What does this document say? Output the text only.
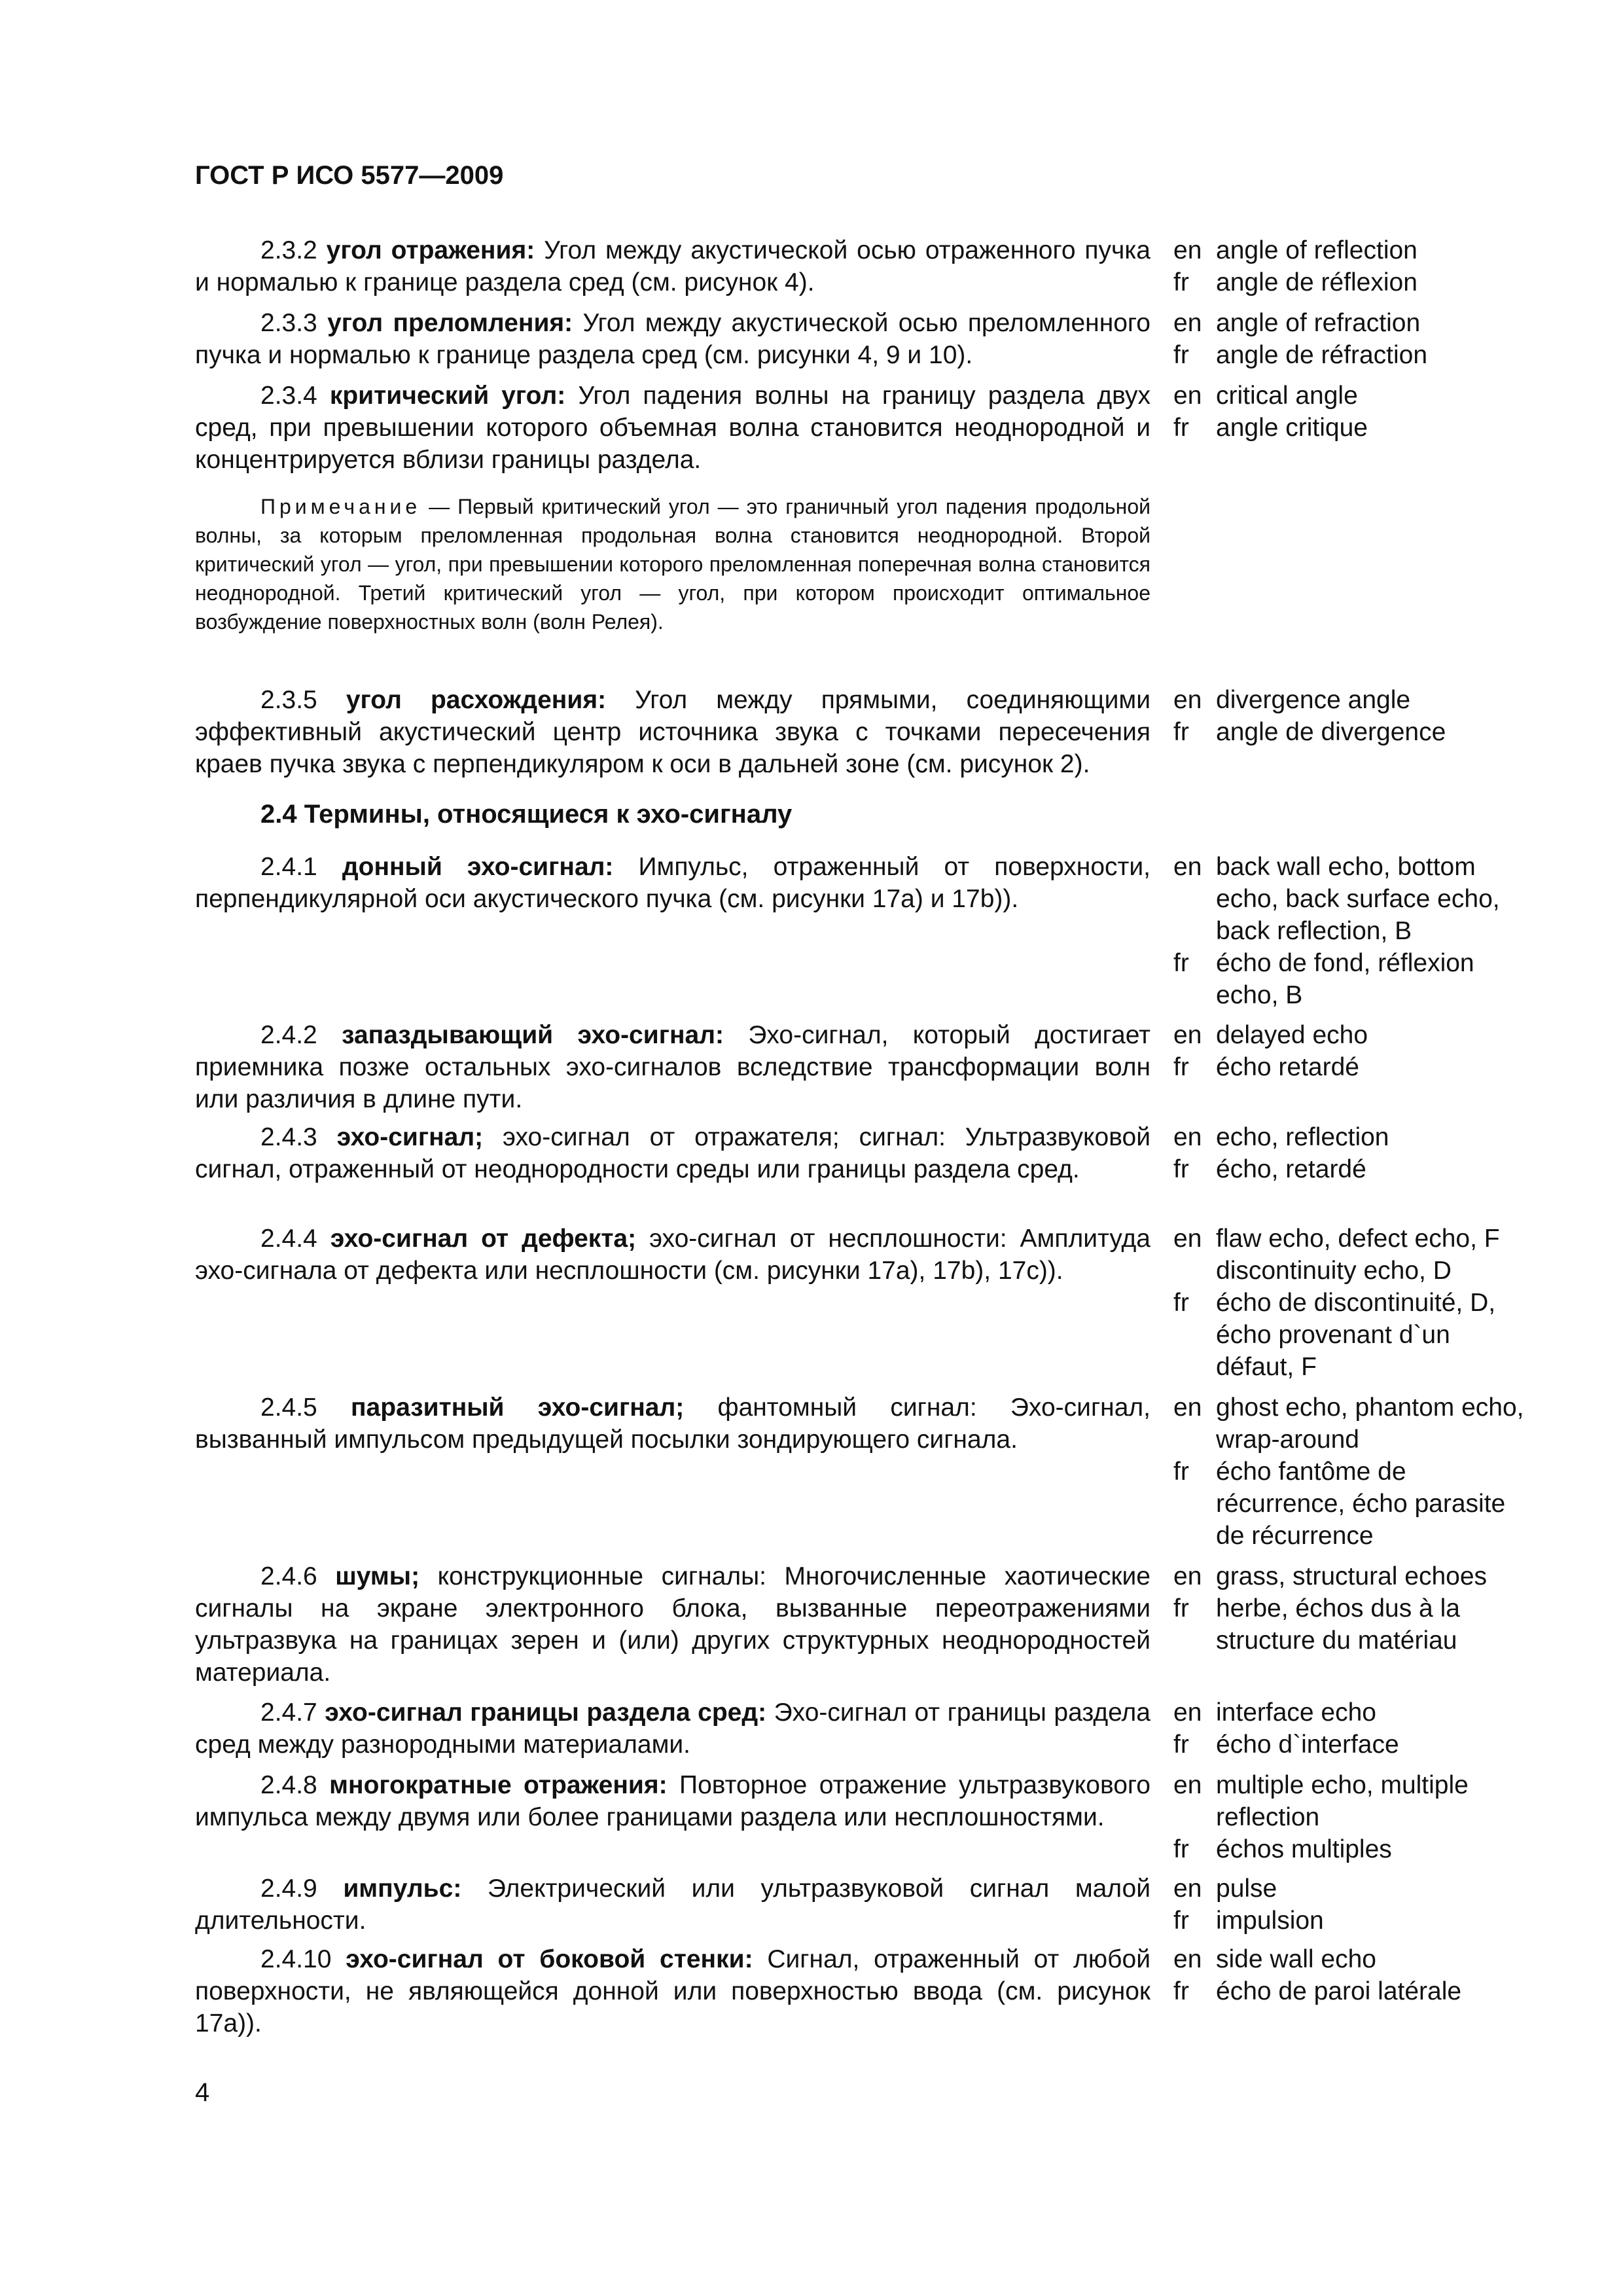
ГОСТ Р ИСО 5577—2009
2.3.2 угол отражения: Угол между акустической осью отраженного пучка и нормалью к границе раздела сред (см. рисунок 4).
en angle of reflection
fr	angle de réflexion
2.3.3 угол преломления: Угол между акустической осью преломленного пучка и нормалью к границе раздела сред (см. рисунки 4, 9 и 10).
en angle of refraction
fr	angle de réfraction
2.3.4 критический угол: Угол падения волны на границу раздела двух сред, при превышении которого объемная волна становится неоднородной и концентрируется вблизи границы раздела.
en critical angle
fr	angle critique
Примечание — Первый критический угол — это граничный угол падения продольной волны, за которым преломленная продольная волна становится неоднородной. Второй критический угол — угол, при превышении которого преломленная поперечная волна становится неоднородной. Третий критический угол — угол, при котором происходит оптимальное возбуждение поверхностных волн (волн Релея).
2.3.5 угол расхождения: Угол между прямыми, соединяющими эффективный акустический центр источника звука с точками пересечения краев пучка звука с перпендикуляром к оси в дальней зоне (см. рисунок 2).
en divergence angle
fr	angle de divergence
2.4 Термины, относящиеся к эхо-сигналу
2.4.1 донный эхо-сигнал: Импульс, отраженный от поверхности, перпендикулярной оси акустического пучка (см. рисунки 17a) и 17b)).
en back wall echo, bottom echo, back surface echo, back reflection, B
fr	écho de fond, réflexion echo, B
2.4.2 запаздывающий эхо-сигнал: Эхо-сигнал, который достигает приемника позже остальных эхо-сигналов вследствие трансформации волн или различия в длине пути.
en delayed echo
fr	écho retardé
2.4.3 эхо-сигнал; эхо-сигнал от отражателя; сигнал: Ультразвуковой сигнал, отраженный от неоднородности среды или границы раздела сред.
en echo, reflection
fr	écho, retardé
2.4.4 эхо-сигнал от дефекта; эхо-сигнал от несплошности: Амплитуда эхо-сигнала от дефекта или несплошности (см. рисунки 17a), 17b), 17c)).
en flaw echo, defect echo, F discontinuity echo, D
fr	écho de discontinuité, D, écho provenant d`un défaut, F
2.4.5 паразитный эхо-сигнал; фантомный сигнал: Эхо-сигнал, вызванный импульсом предыдущей посылки зондирующего сигнала.
en ghost echo, phantom echo, wrap-around
fr	écho fantôme de récurrence, écho parasite de récurrence
2.4.6 шумы; конструкционные сигналы: Многочисленные хаотические сигналы на экране электронного блока, вызванные переотражениями ультразвука на границах зерен и (или) других структурных неоднородностей материала.
en grass, structural echoes
fr	herbe, échos dus à la structure du matériau
2.4.7 эхо-сигнал границы раздела сред: Эхо-сигнал от границы раздела сред между разнородными материалами.
en interface echo
fr	écho d`interface
2.4.8 многократные отражения: Повторное отражение ультразвукового импульса между двумя или более границами раздела или несплошностями.
en multiple echo, multiple reflection
fr	échos multiples
2.4.9 импульс: Электрический или ультразвуковой сигнал малой длительности.
en pulse
fr	impulsion
2.4.10 эхо-сигнал от боковой стенки: Сигнал, отраженный от любой поверхности, не являющейся донной или поверхностью ввода (см. рисунок 17a)).
en side wall echo
fr	écho de paroi latérale
4
